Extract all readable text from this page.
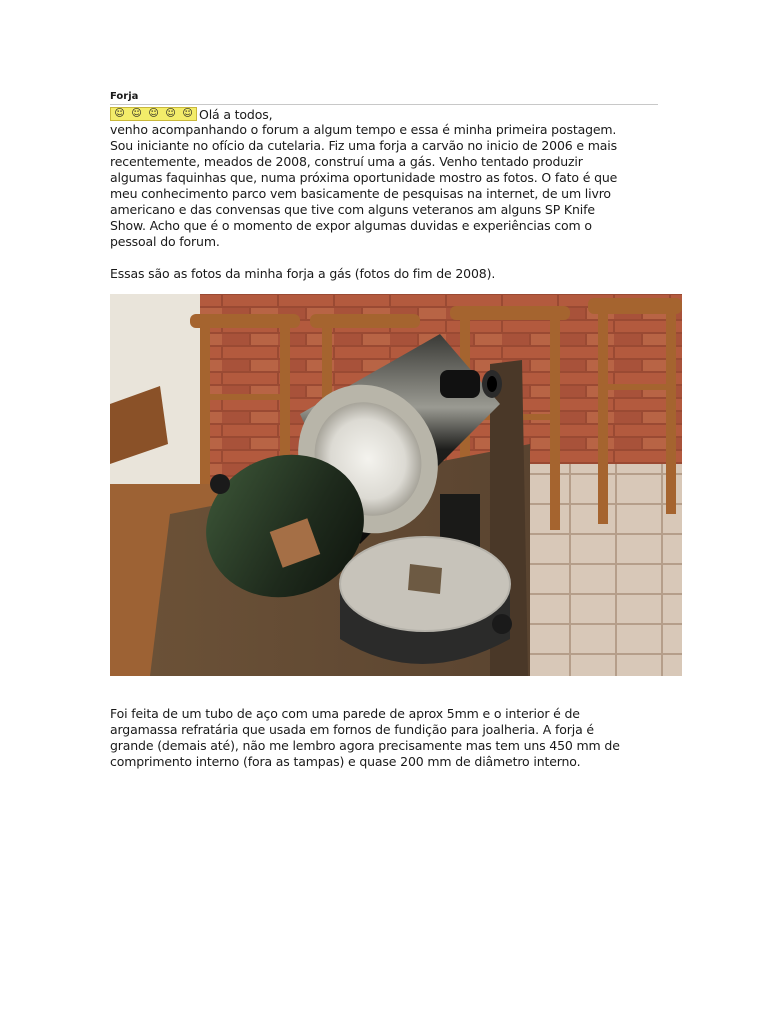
Forja
☺ ☺ ☺ ☺ ☺ Olá a todos,

venho acompanhando o forum a algum tempo e essa é minha primeira postagem.
Sou iniciante no ofício da cutelaria. Fiz uma forja a carvão no inicio de 2006 e mais
recentemente, meados de 2008, construí uma a gás. Venho tentado produzir
algumas faquinhas que, numa próxima oportunidade mostro as fotos. O fato é que
meu conhecimento parco vem basicamente de pesquisas na internet, de um livro
americano e das convensas que tive com alguns veteranos am alguns SP Knife
Show. Acho que é o momento de expor algumas duvidas e experiências com o
pessoal do forum.

Essas são as fotos da minha forja a gás (fotos do fim de 2008).

Foi feita de um tubo de aço com uma parede de aprox 5mm e o interior é de
argamassa refratária que usada em fornos de fundição para joalheria. A forja é
grande (demais até), não me lembro agora precisamente mas tem uns 450 mm de
comprimento interno (fora as tampas) e quase 200 mm de diâmetro interno.
